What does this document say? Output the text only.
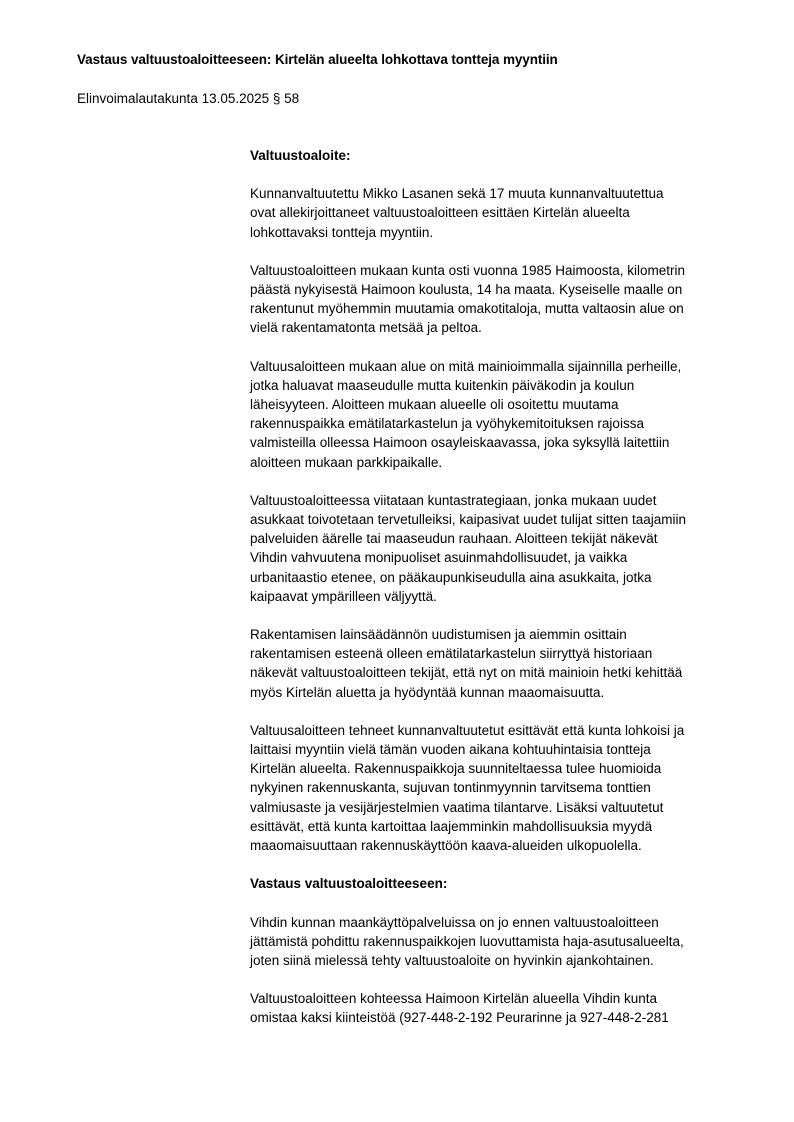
Vastaus valtuustoaloitteeseen: Kirtelän alueelta lohkottava tontteja myyntiin
Elinvoimalautakunta 13.05.2025 § 58

Valtuustoaloite:

Kunnanvaltuutettu Mikko Lasanen sekä 17 muuta kunnanvaltuutettua
ovat allekirjoittaneet valtuustoaloitteen esittäen Kirtelän alueelta
lohkottavaksi tontteja myyntiin.

Valtuustoaloitteen mukaan kunta osti vuonna 1985 Haimoosta, kilometrin
päästä nykyisestä Haimoon koulusta, 14 ha maata. Kyseiselle maalle on
rakentunut myöhemmin muutamia omakotitaloja, mutta valtaosin alue on
vielä rakentamatonta metsää ja peltoa.

Valtuusaloitteen mukaan alue on mitä mainioimmalla sijainnilla perheille,
jotka haluavat maaseudulle mutta kuitenkin päiväkodin ja koulun
läheisyyteen. Aloitteen mukaan alueelle oli osoitettu muutama
rakennuspaikka emätilatarkastelun ja vyöhykemitoituksen rajoissa
valmisteilla olleessa Haimoon osayleiskaavassa, joka syksyllä laitettiin
aloitteen mukaan parkkipaikalle.

Valtuustoaloitteessa viitataan kuntastrategiaan, jonka mukaan uudet
asukkaat toivotetaan tervetulleiksi, kaipasivat uudet tulijat sitten taajamiin
palveluiden äärelle tai maaseudun rauhaan. Aloitteen tekijät näkevät
Vihdin vahvuutena monipuoliset asuinmahdollisuudet, ja vaikka
urbanitaastio etenee, on pääkaupunkiseudulla aina asukkaita, jotka
kaipaavat ympärilleen väljyyttä.

Rakentamisen lainsäädännön uudistumisen ja aiemmin osittain
rakentamisen esteenä olleen emätilatarkastelun siirryttyä historiaan
näkevät valtuustoaloitteen tekijät, että nyt on mitä mainioin hetki kehittää
myös Kirtelän aluetta ja hyödyntää kunnan maaomaisuutta.

Valtuusaloitteen tehneet kunnanvaltuutetut esittävät että kunta lohkoisi ja
laittaisi myyntiin vielä tämän vuoden aikana kohtuuhintaisia tontteja
Kirtelän alueelta. Rakennuspaikkoja suunniteltaessa tulee huomioida
nykyinen rakennuskanta, sujuvan tontinmyynnin tarvitsema tonttien
valmiusaste ja vesijärjestelmien vaatima tilantarve. Lisäksi valtuutetut
esittävät, että kunta kartoittaa laajemminkin mahdollisuuksia myydä
maaomaisuuttaan rakennuskäyttöön kaava-alueiden ulkopuolella.

Vastaus valtuustoaloitteeseen:

Vihdin kunnan maankäyttöpalveluissa on jo ennen valtuustoaloitteen
jättämistä pohdittu rakennuspaikkojen luovuttamista haja-asutusalueelta,
joten siinä mielessä tehty valtuustoaloite on hyvinkin ajankohtainen.

Valtuustoaloitteen kohteessa Haimoon Kirtelän alueella Vihdin kunta
omistaa kaksi kiinteistöä (927-448-2-192 Peurarinne ja 927-448-2-281
